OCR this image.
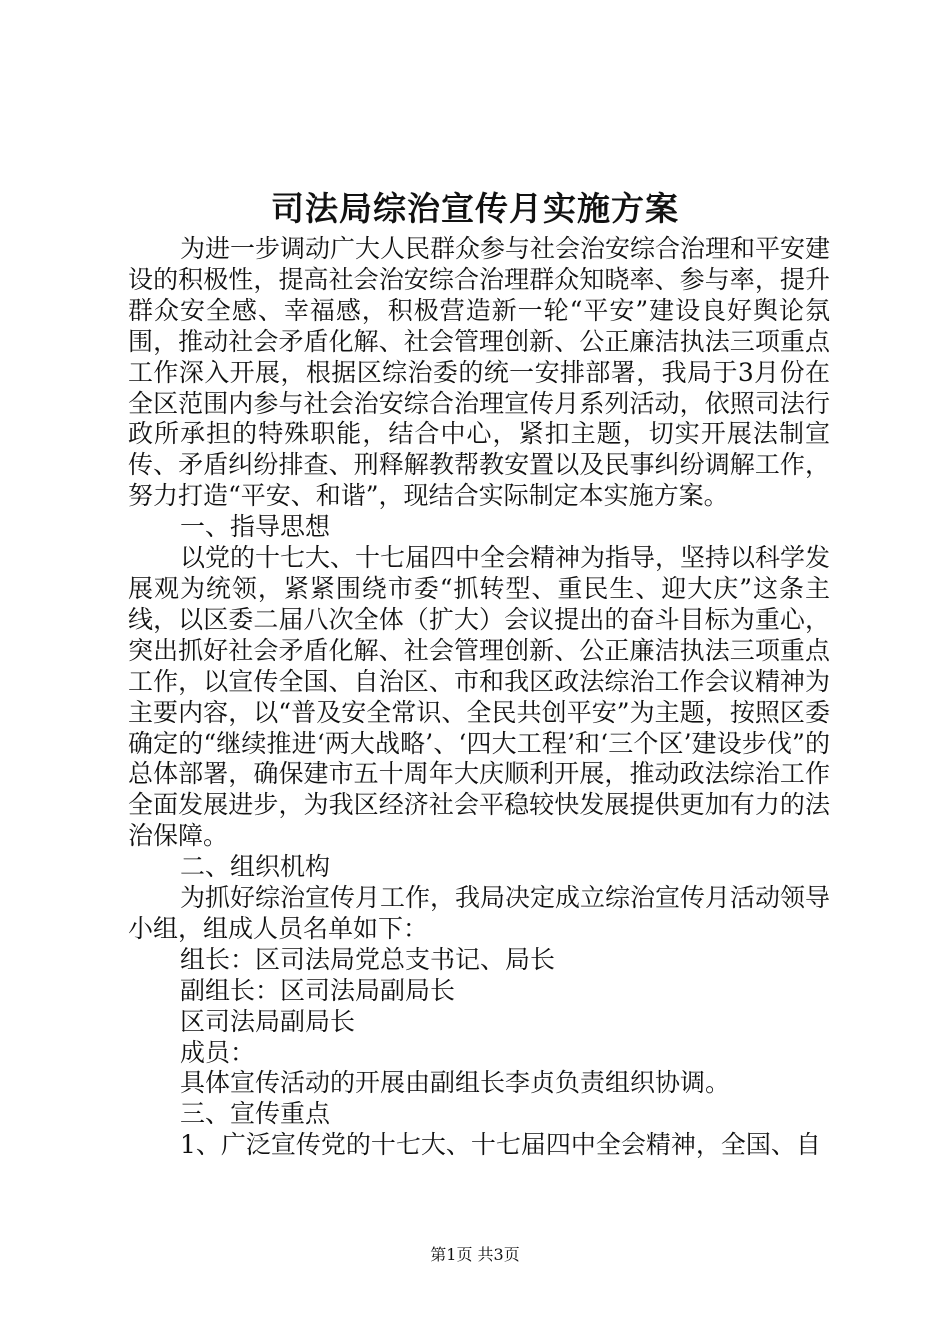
司法局综治宣传月实施方案

为进一步调动广大人民群众参与社会治安综合治理和平安建设的积极性，提高社会治安综合治理群众知晓率、参与率，提升群众安全感、幸福感，积极营造新一轮“平安”建设良好舆论氛围，推动社会矛盾化解、社会管理创新、公正廉洁执法三项重点工作深入开展，根据区综治委的统一安排部署，我局于3月份在全区范围内参与社会治安综合治理宣传月系列活动，依照司法行政所承担的特殊职能，结合中心，紧扣主题，切实开展法制宣传、矛盾纠纷排查、刑释解教帮教安置以及民事纠纷调解工作，努力打造“平安、和谐”，现结合实际制定本实施方案。

一、指导思想

以党的十七大、十七届四中全会精神为指导，坚持以科学发展观为统领，紧紧围绕市委“抓转型、重民生、迎大庆”这条主线，以区委二届八次全体（扩大）会议提出的奋斗目标为重心，突出抓好社会矛盾化解、社会管理创新、公正廉洁执法三项重点工作，以宣传全国、自治区、市和我区政法综治工作会议精神为主要内容，以“普及安全常识、全民共创平安”为主题，按照区委确定的“继续推进‘两大战略’、‘四大工程’和‘三个区’建设步伐”的总体部署，确保建市五十周年大庆顺利开展，推动政法综治工作全面发展进步，为我区经济社会平稳较快发展提供更加有力的法治保障。

二、组织机构

为抓好综治宣传月工作，我局决定成立综治宣传月活动领导小组，组成人员名单如下：

组长：区司法局党总支书记、局长

副组长：区司法局副局长

区司法局副局长

成员：

具体宣传活动的开展由副组长李贞负责组织协调。

三、宣传重点

1、广泛宣传党的十七大、十七届四中全会精神，全国、自

第1页 共3页
